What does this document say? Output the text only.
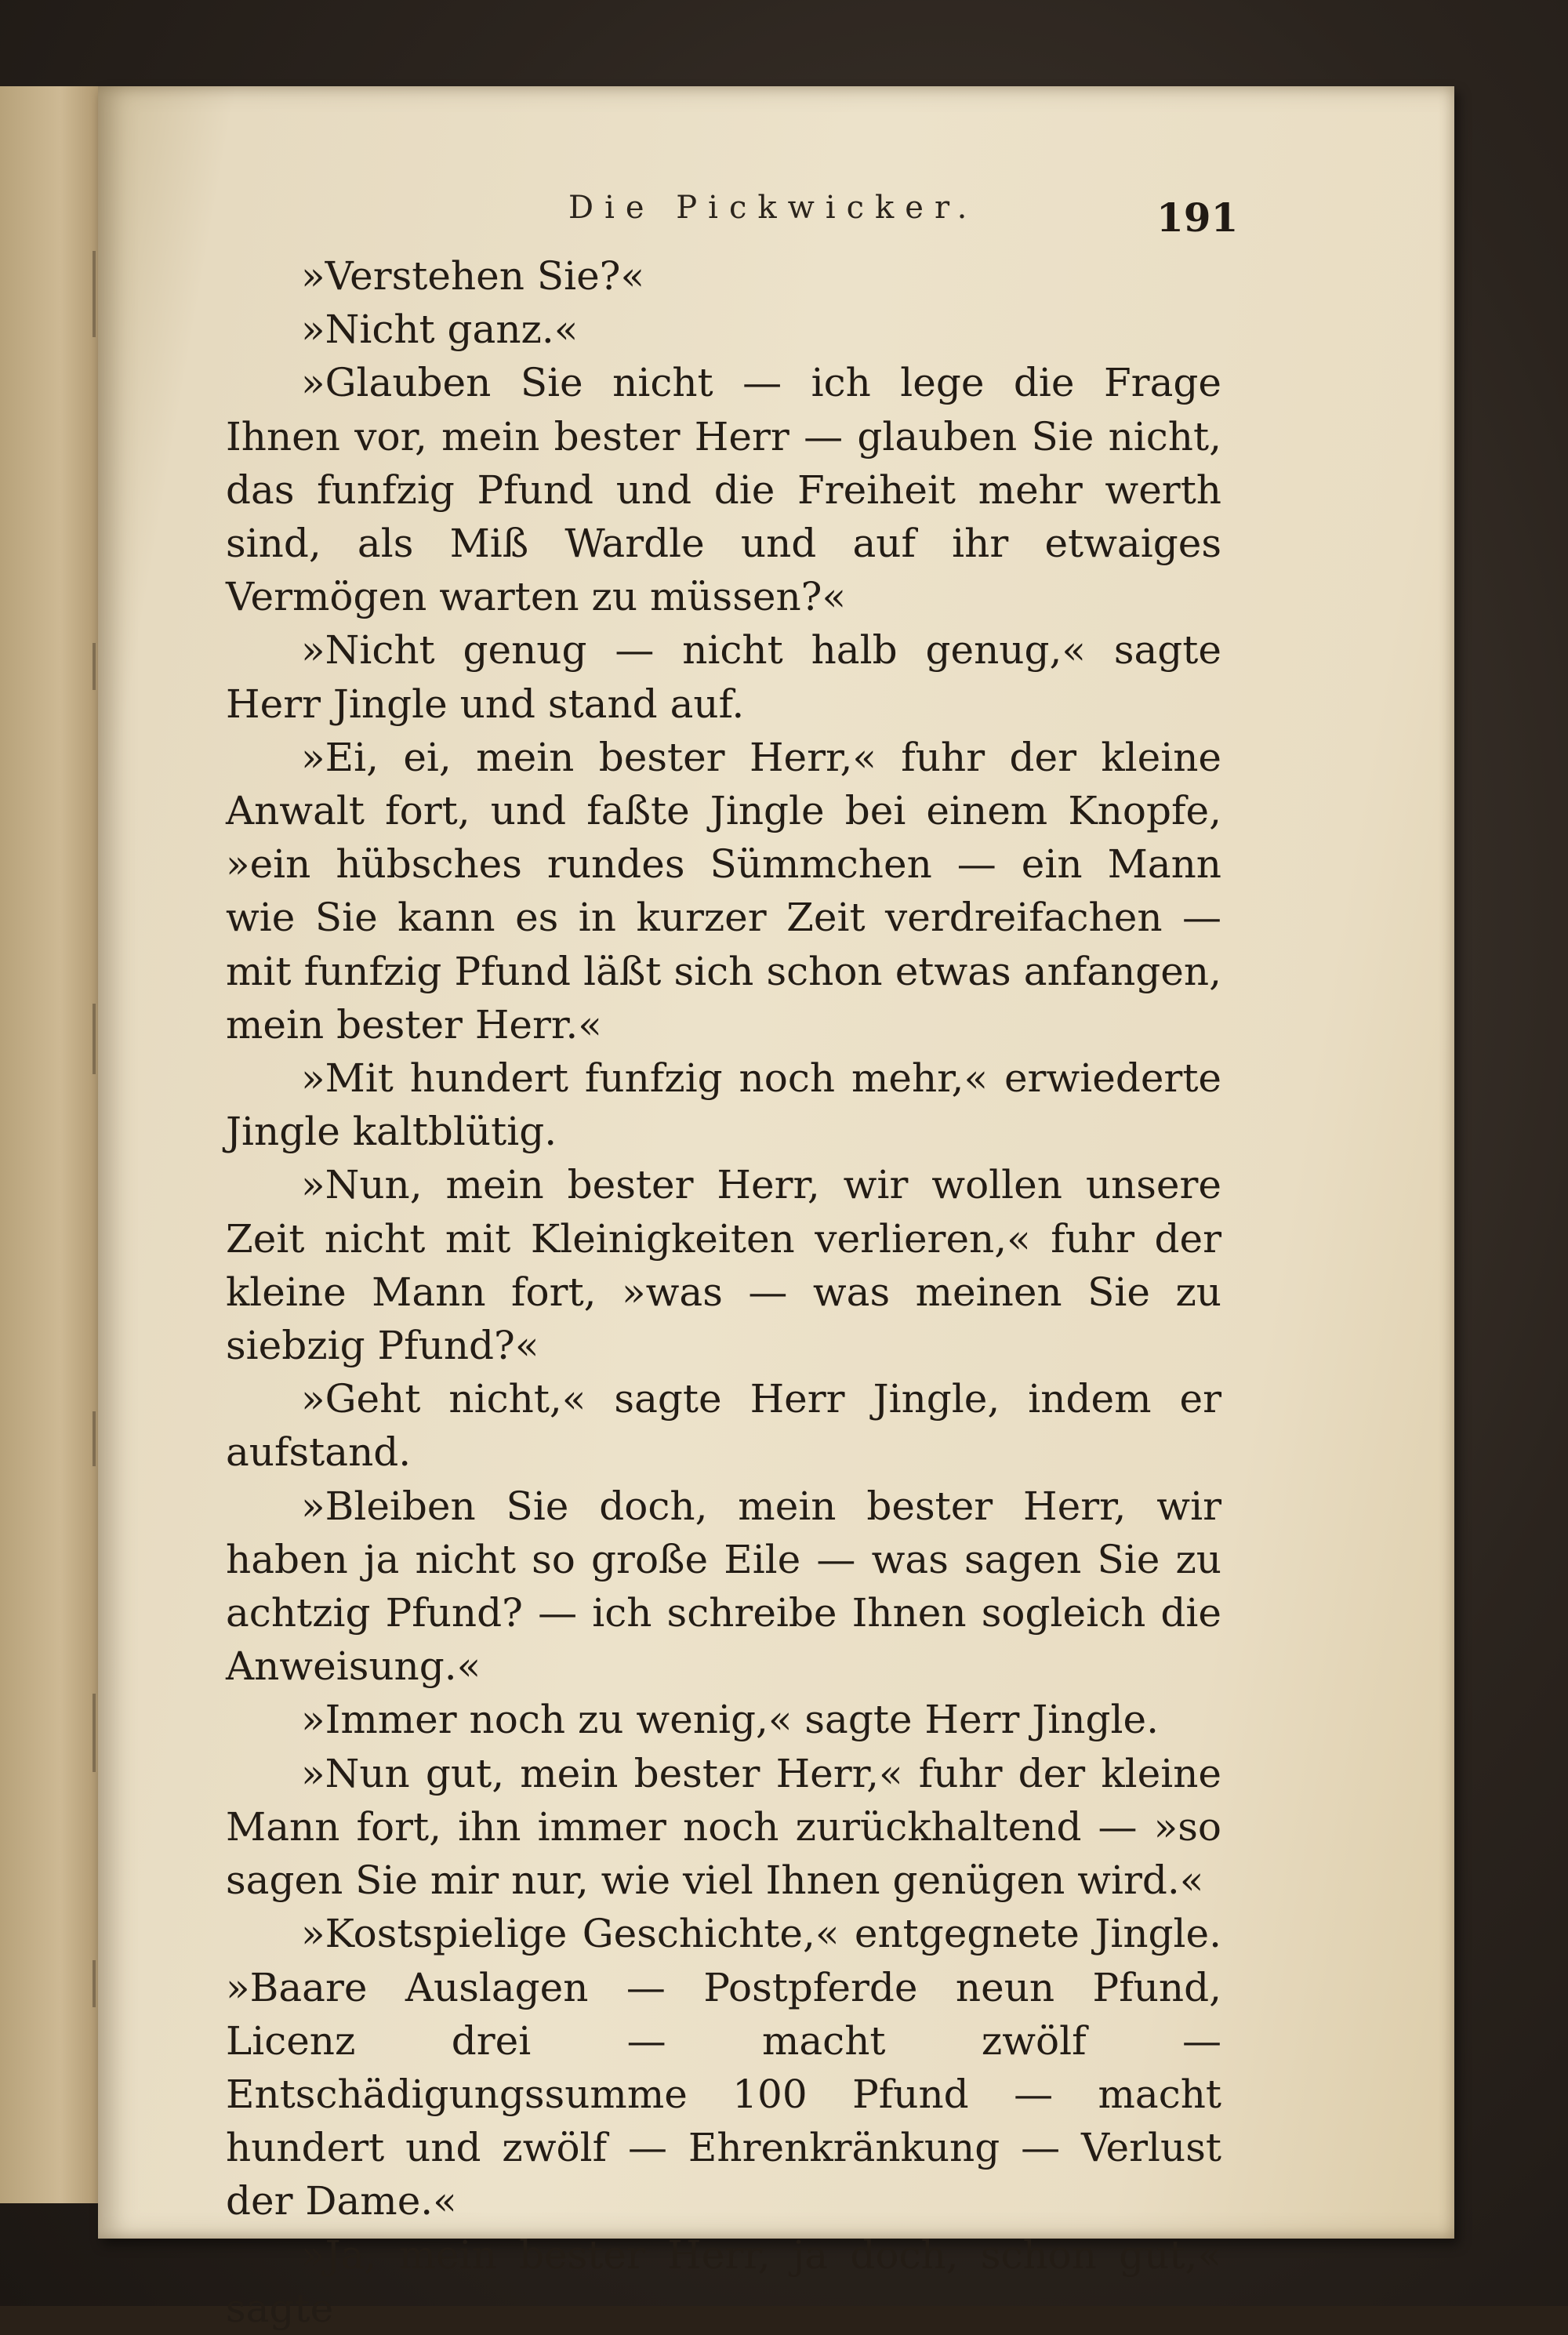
Die Pickwicker.	191

»Verstehen Sie?«

»Nicht ganz.«

»Glauben Sie nicht — ich lege die Frage Ihnen vor, mein bester Herr — glauben Sie nicht, das funfzig Pfund und die Freiheit mehr werth sind, als Miß Wardle und auf ihr etwaiges Vermögen warten zu müssen?«

»Nicht genug — nicht halb genug,« sagte Herr Jingle und stand auf.

»Ei, ei, mein bester Herr,« fuhr der kleine Anwalt fort, und faßte Jingle bei einem Knopfe, »ein hübsches rundes Sümmchen — ein Mann wie Sie kann es in kurzer Zeit verdreifachen — mit funfzig Pfund läßt sich schon etwas anfangen, mein bester Herr.«

»Mit hundert funfzig noch mehr,« erwiederte Jingle kaltblütig.

»Nun, mein bester Herr, wir wollen unsere Zeit nicht mit Kleinigkeiten verlieren,« fuhr der kleine Mann fort, »was — was meinen Sie zu siebzig Pfund?«

»Geht nicht,« sagte Herr Jingle, indem er aufstand.

»Bleiben Sie doch, mein bester Herr, wir haben ja nicht so große Eile — was sagen Sie zu achtzig Pfund? — ich schreibe Ihnen sogleich die Anweisung.«

»Immer noch zu wenig,« sagte Herr Jingle.

»Nun gut, mein bester Herr,« fuhr der kleine Mann fort, ihn immer noch zurückhaltend — »so sagen Sie mir nur, wie viel Ihnen genügen wird.«

»Kostspielige Geschichte,« entgegnete Jingle. »Baare Auslagen — Postpferde neun Pfund, Licenz drei — macht zwölf — Entschädigungssumme 100 Pfund — macht hundert und zwölf — Ehrenkränkung — Verlust der Dame.«

»Ja, mein bester Herr, ja doch, schon gut,« sagte
